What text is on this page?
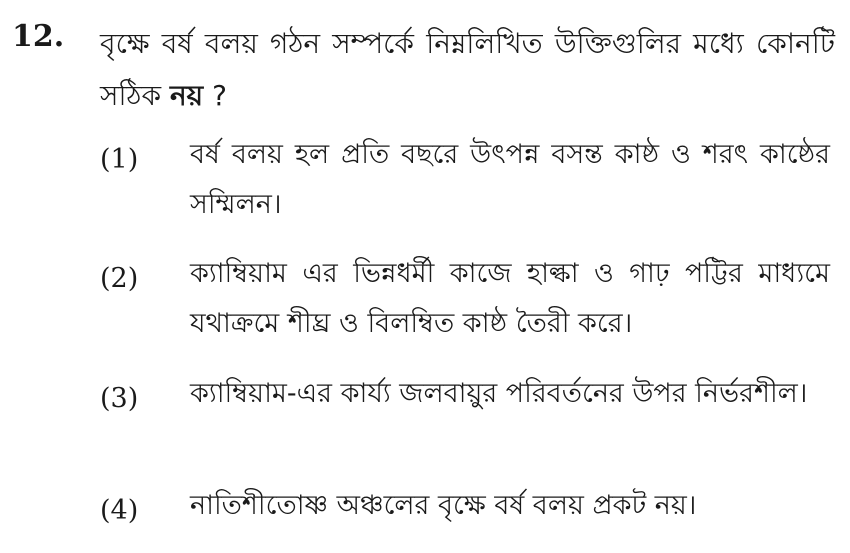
12. বৃক্ষে বর্ষ বলয় গঠন সম্পর্কে নিম্নলিখিত উক্তিগুলির মধ্যে কোনটি সঠিক নয় ?
(1) বর্ষ বলয় হল প্রতি বছরে উৎপন্ন বসন্ত কাষ্ঠ ও শরৎ কাষ্ঠের সম্মিলন।
(2) ক্যাম্বিয়াম এর ভিন্নধর্মী কাজে হাল্কা ও গাঢ় পট্টির মাধ্যমে যথাক্রমে শীঘ্র ও বিলম্বিত কাষ্ঠ তৈরী করে।
(3) ক্যাম্বিয়াম-এর কার্য্য জলবায়ুর পরিবর্তনের উপর নির্ভরশীল।
(4) নাতিশীতোষ্ণ অঞ্চলের বৃক্ষে বর্ষ বলয় প্রকট নয়।
